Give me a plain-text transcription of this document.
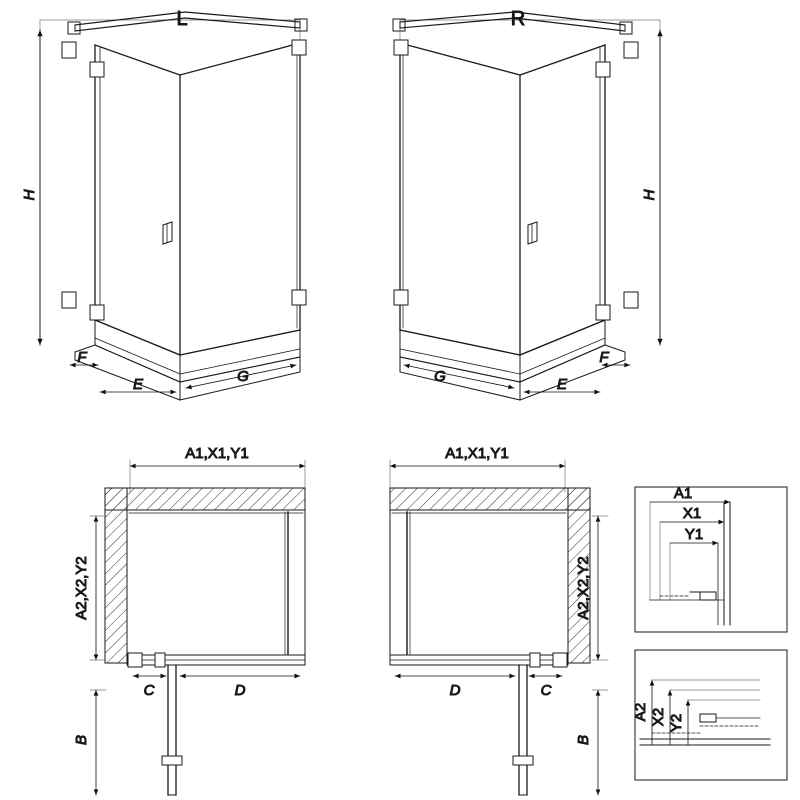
H
F
E	G
L
H
F
E
G
R
A1,X1,Y1
C	D
A2,X2,Y2
B
A1,X1,Y1
C
D
A2,X2,Y2
B
A1
X1
Y1
A2 X2 Y2
